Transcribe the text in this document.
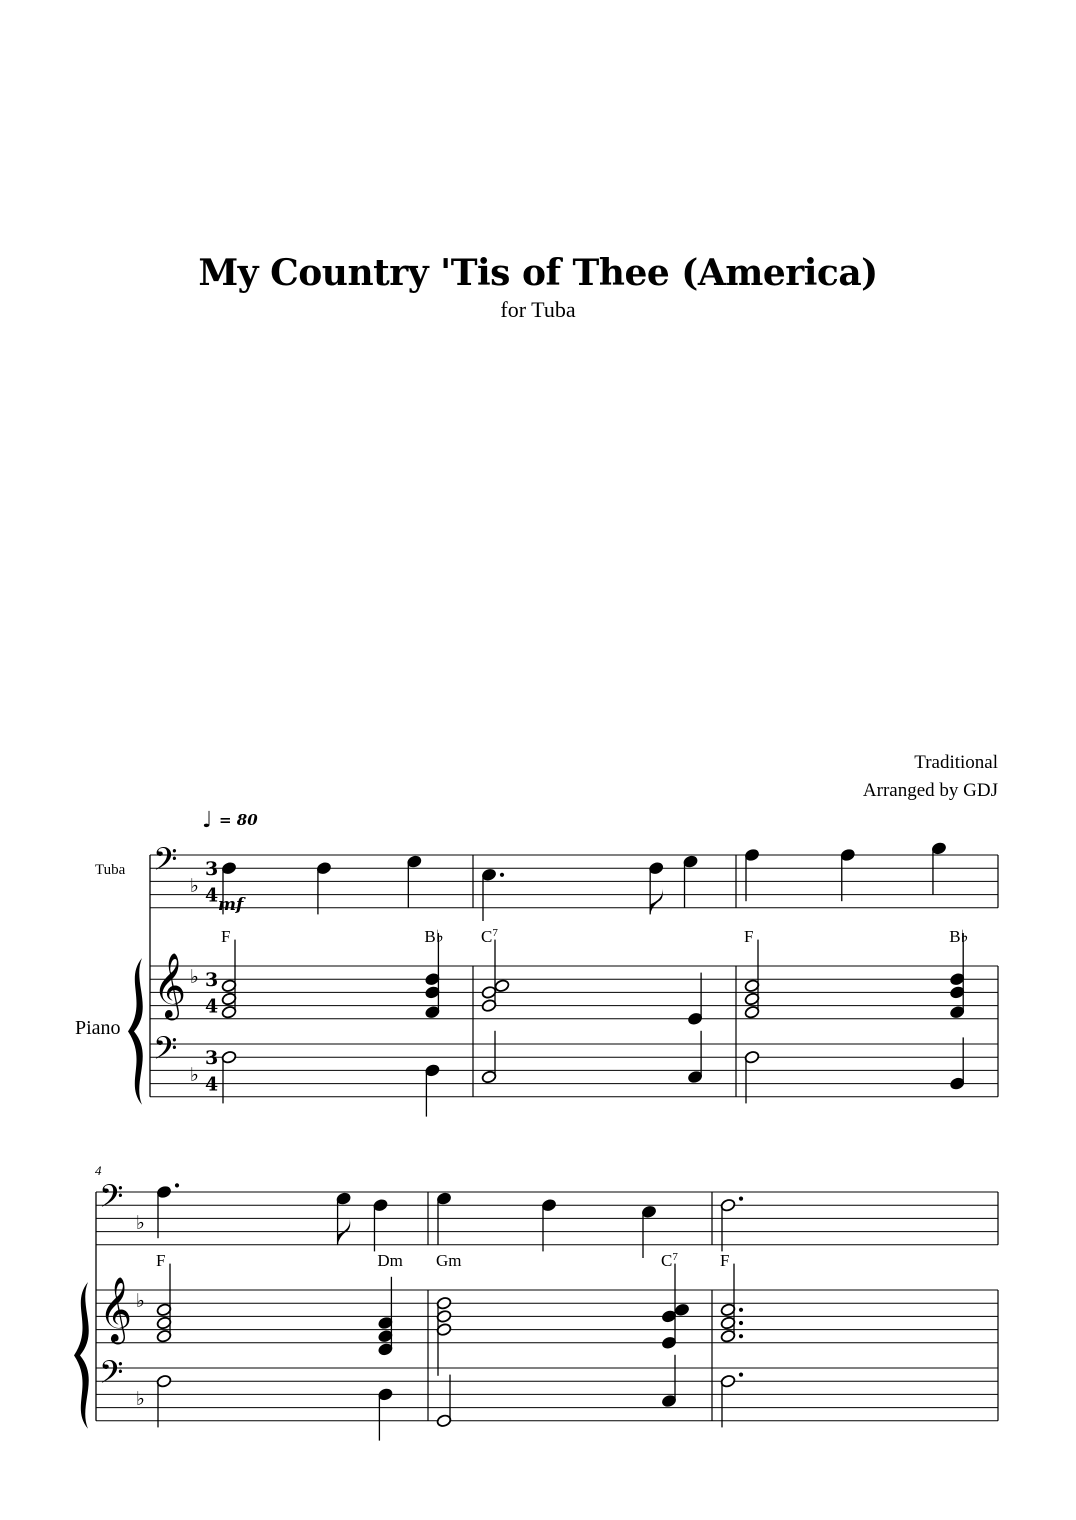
My Country 'Tis of Thee (America)
for Tuba
Traditional
Arranged by GDJ
♩ = 80
Tuba
Piano
mf
4
𝄢
♭
3
4
𝄞 ♭ 3
4
𝄢
♭
3
4
F	B♭ $C^7$	F	B♭
𝄢
♭
𝄞 ♭
𝄢
♭
F	Dm Gm	$C^7$ F
